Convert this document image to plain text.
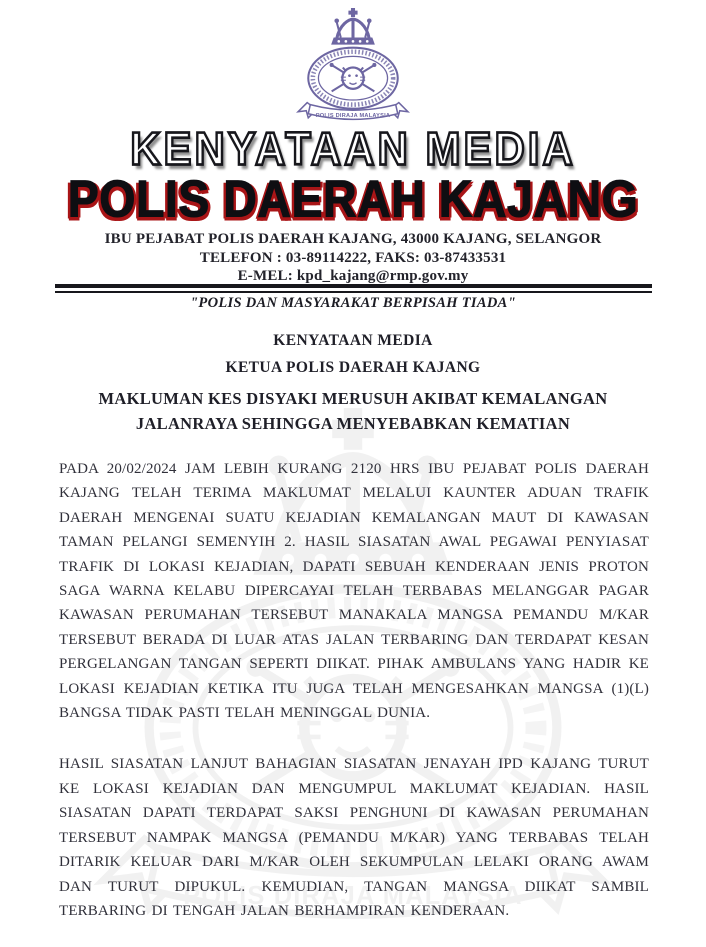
KENYATAAN MEDIA
POLIS DAERAH KAJANG
IBU PEJABAT POLIS DAERAH KAJANG, 43000 KAJANG, SELANGOR
TELEFON : 03-89114222, FAKS: 03-87433531
E-MEL: kpd_kajang@rmp.gov.my
"POLIS DAN MASYARAKAT BERPISAH TIADA"
KENYATAAN MEDIA
KETUA POLIS DAERAH KAJANG
MAKLUMAN KES DISYAKI MERUSUH AKIBAT KEMALANGAN JALANRAYA SEHINGGA MENYEBABKAN KEMATIAN

PADA 20/02/2024 JAM LEBIH KURANG 2120 HRS IBU PEJABAT POLIS DAERAH KAJANG TELAH TERIMA MAKLUMAT MELALUI KAUNTER ADUAN TRAFIK DAERAH MENGENAI SUATU KEJADIAN KEMALANGAN MAUT DI KAWASAN TAMAN PELANGI SEMENYIH 2. HASIL SIASATAN AWAL PEGAWAI PENYIASAT TRAFIK DI LOKASI KEJADIAN, DAPATI SEBUAH KENDERAAN JENIS PROTON SAGA WARNA KELABU DIPERCAYAI TELAH TERBABAS MELANGGAR PAGAR KAWASAN PERUMAHAN TERSEBUT MANAKALA MANGSA PEMANDU M/KAR TERSEBUT BERADA DI LUAR ATAS JALAN TERBARING DAN TERDAPAT KESAN PERGELANGAN TANGAN SEPERTI DIIKAT. PIHAK AMBULANS YANG HADIR KE LOKASI KEJADIAN KETIKA ITU JUGA TELAH MENGESAHKAN MANGSA (1)(L) BANGSA TIDAK PASTI TELAH MENINGGAL DUNIA.

HASIL SIASATAN LANJUT BAHAGIAN SIASATAN JENAYAH IPD KAJANG TURUT KE LOKASI KEJADIAN DAN MENGUMPUL MAKLUMAT KEJADIAN. HASIL SIASATAN DAPATI TERDAPAT SAKSI PENGHUNI DI KAWASAN PERUMAHAN TERSEBUT NAMPAK MANGSA (PEMANDU M/KAR) YANG TERBABAS TELAH DITARIK KELUAR DARI M/KAR OLEH SEKUMPULAN LELAKI ORANG AWAM DAN TURUT DIPUKUL. KEMUDIAN, TANGAN MANGSA DIIKAT SAMBIL TERBARING DI TENGAH JALAN BERHAMPIRAN KENDERAAN.
